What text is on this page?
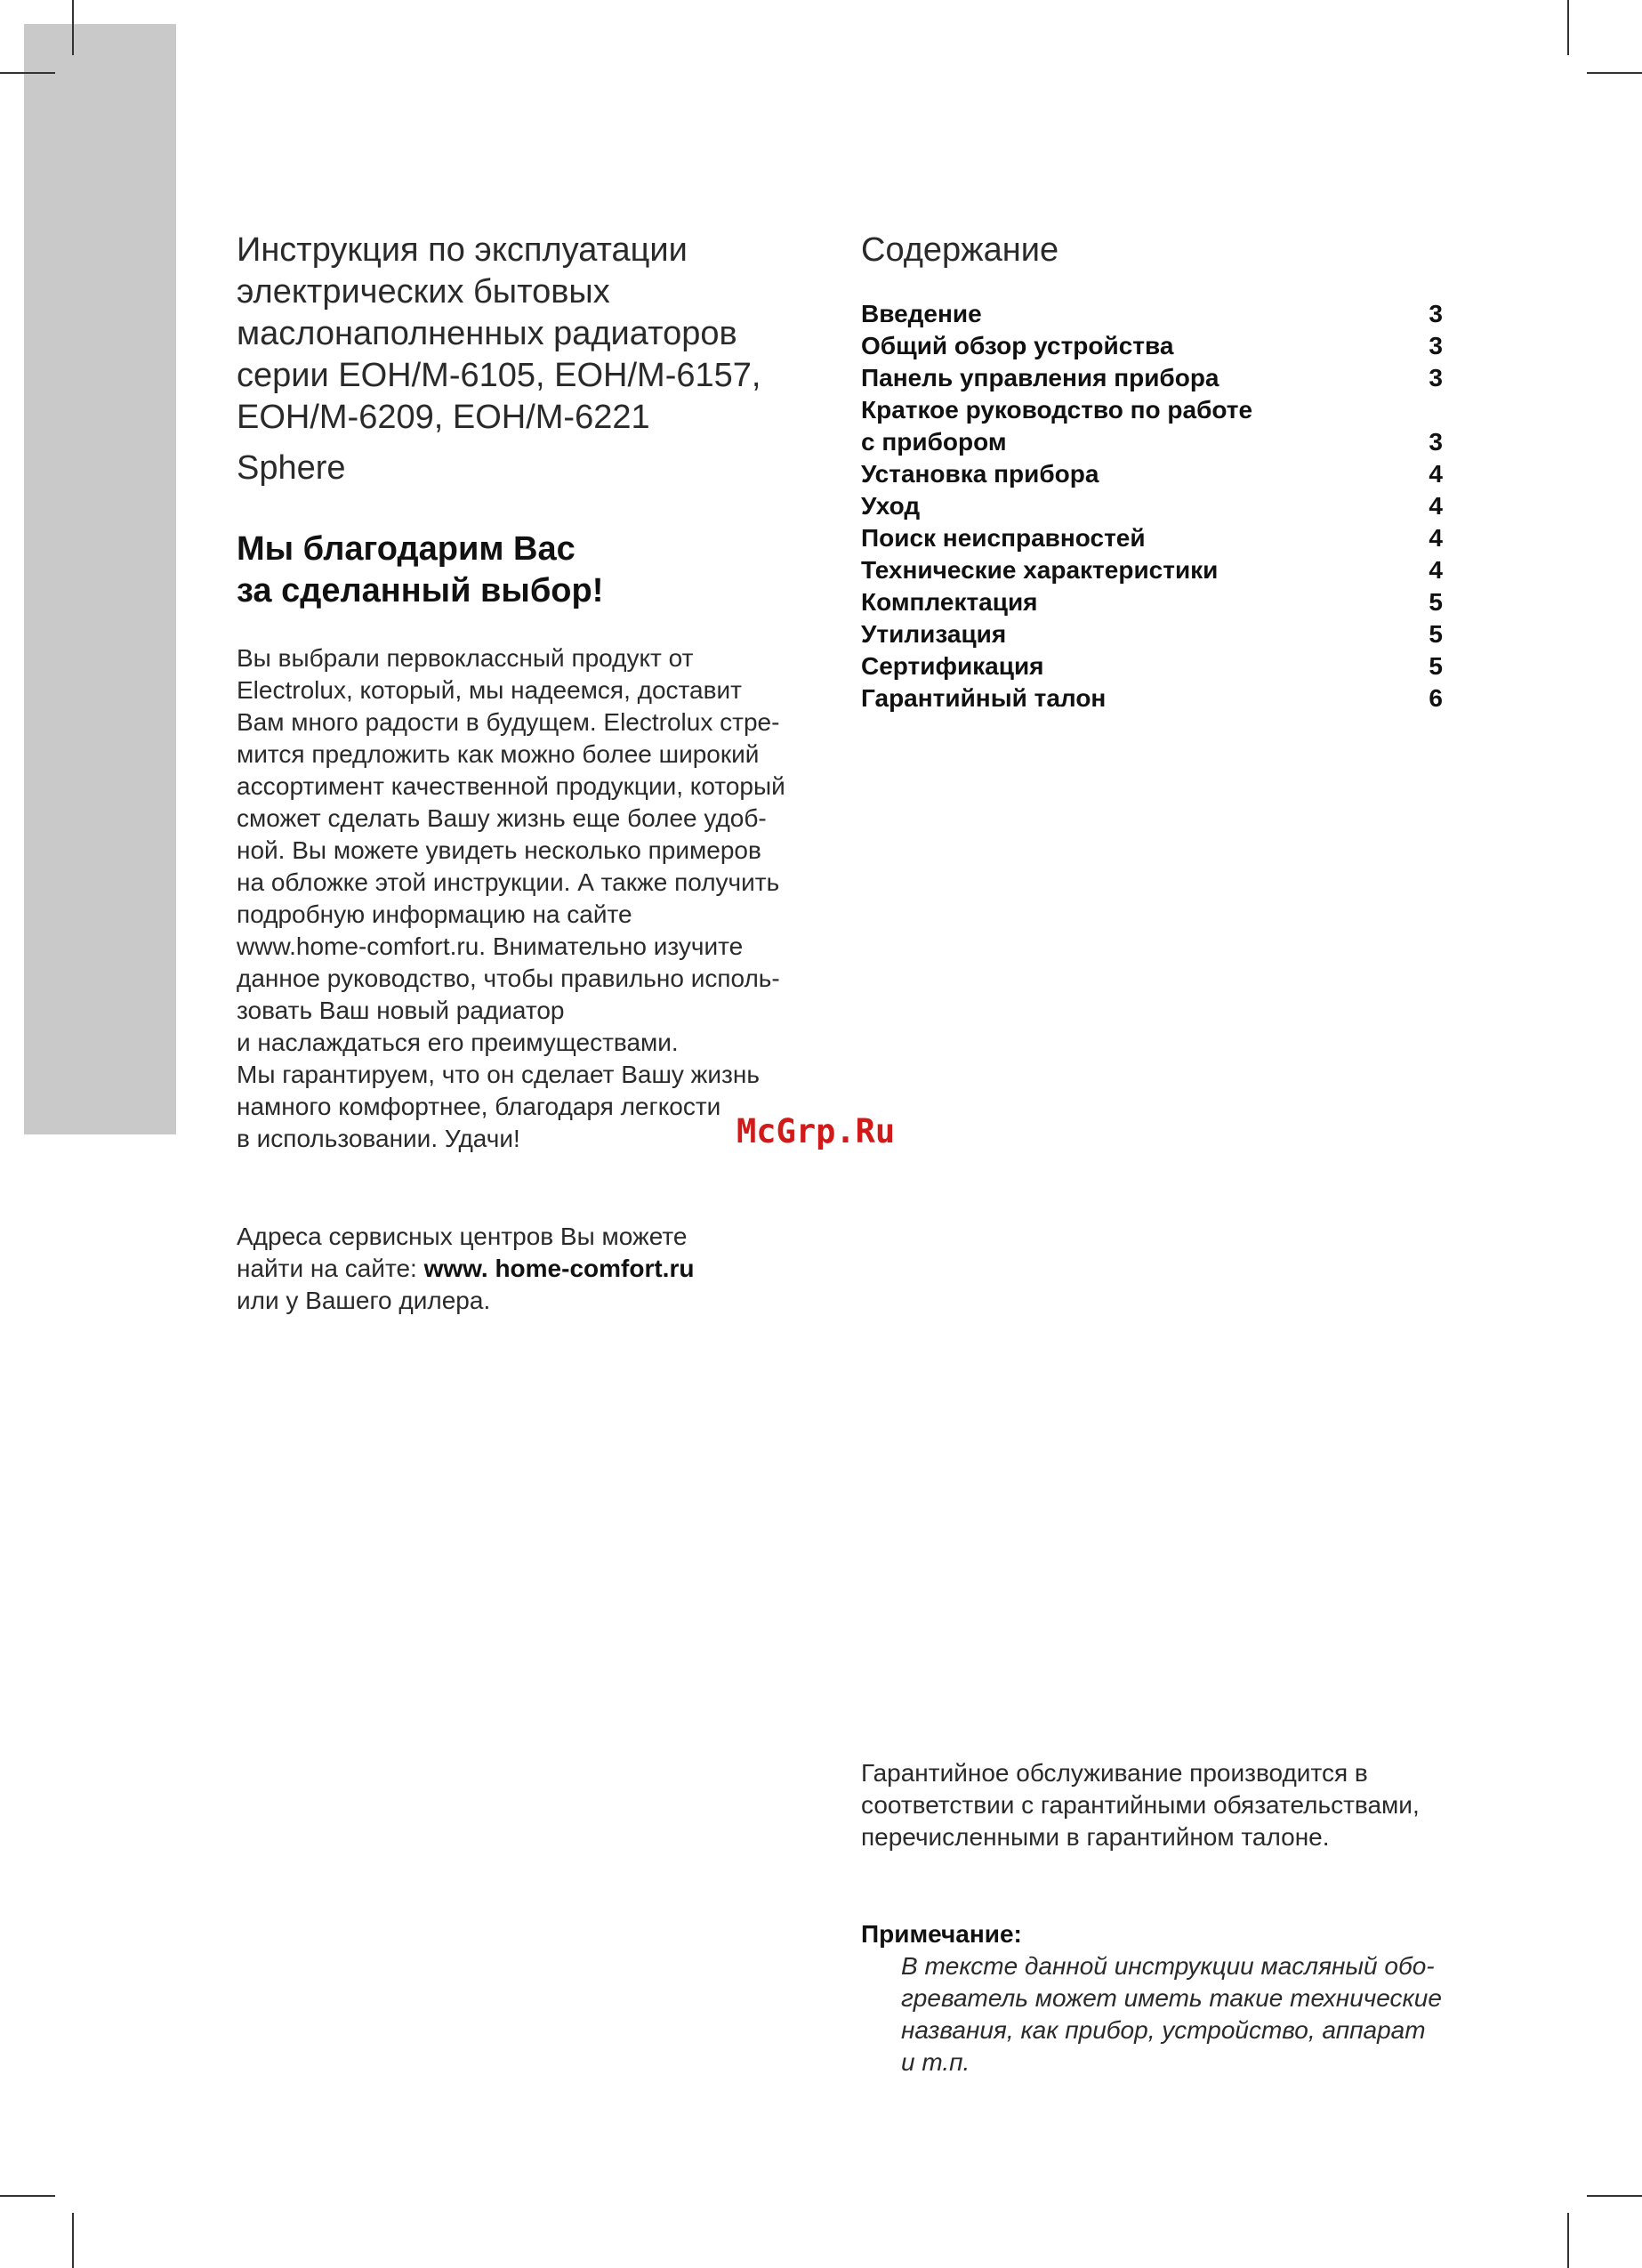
Инструкция по эксплуатации
электрических бытовых
маслонаполненных радиаторов
серии EOH/M-6105, EOH/M-6157,
EOH/M-6209, EOH/M-6221
Sphere
Мы благодарим Вас
за сделанный выбор!
Вы выбрали первоклассный продукт от
Electrolux, который, мы надеемся, доставит
Вам много радости в будущем. Electrolux стре-
мится предложить как можно более широкий
ассортимент качественной продукции, который
сможет сделать Вашу жизнь еще более удоб-
ной. Вы можете увидеть несколько примеров
на обложке этой инструкции. А также получить
подробную информацию на сайте
www.home-comfort.ru. Внимательно изучите
данное руководство, чтобы правильно исполь-
зовать Ваш новый радиатор
и наслаждаться его преимуществами.
Мы гарантируем, что он сделает Вашу жизнь
намного комфортнее, благодаря легкости
в использовании. Удачи!
Адреса сервисных центров Вы можете
найти на сайте: www. home-comfort.ru
или у Вашего дилера.
Содержание
Введение	3
Общий обзор устройства	3
Панель управления прибора	3
Краткое руководство по работе
с прибором	3
Установка прибора	4
Уход	4
Поиск неисправностей	4
Технические характеристики	4
Комплектация	5
Утилизация	5
Сертификация	5
Гарантийный талон	6
Гарантийное обслуживание производится в
соответствии с гарантийными обязательствами,
перечисленными в гарантийном талоне.
Примечание:
В тексте данной инструкции масляный обо-
греватель может иметь такие технические
названия, как прибор, устройство, аппарат
и т.п.
McGrp.Ru
